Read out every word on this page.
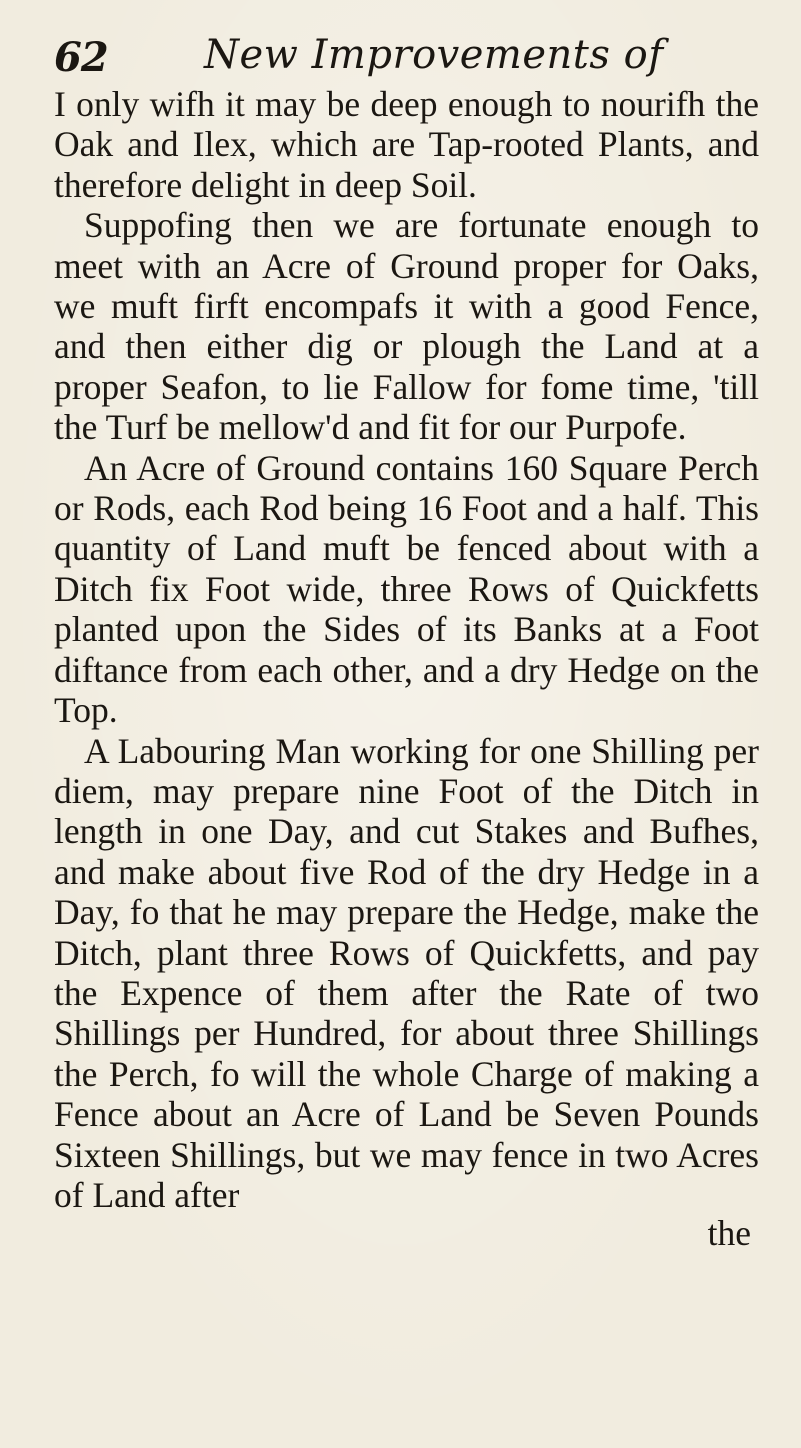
62 New Improvements of

I only wifh it may be deep enough to nourifh the Oak and Ilex, which are Tap-rooted Plants, and therefore delight in deep Soil.

Suppofing then we are fortunate enough to meet with an Acre of Ground proper for Oaks, we muft firft encompafs it with a good Fence, and then either dig or plough the Land at a proper Seafon, to lie Fallow for fome time, 'till the Turf be mellow'd and fit for our Purpofe.

An Acre of Ground contains 160 Square Perch or Rods, each Rod being 16 Foot and a half. This quantity of Land muft be fenced about with a Ditch fix Foot wide, three Rows of Quickfetts planted upon the Sides of its Banks at a Foot diftance from each other, and a dry Hedge on the Top.

A Labouring Man working for one Shilling per diem, may prepare nine Foot of the Ditch in length in one Day, and cut Stakes and Bufhes, and make about five Rod of the dry Hedge in a Day, fo that he may prepare the Hedge, make the Ditch, plant three Rows of Quickfetts, and pay the Expence of them after the Rate of two Shillings per Hundred, for about three Shillings the Perch, fo will the whole Charge of making a Fence about an Acre of Land be Seven Pounds Sixteen Shillings, but we may fence in two Acres of Land after

the
